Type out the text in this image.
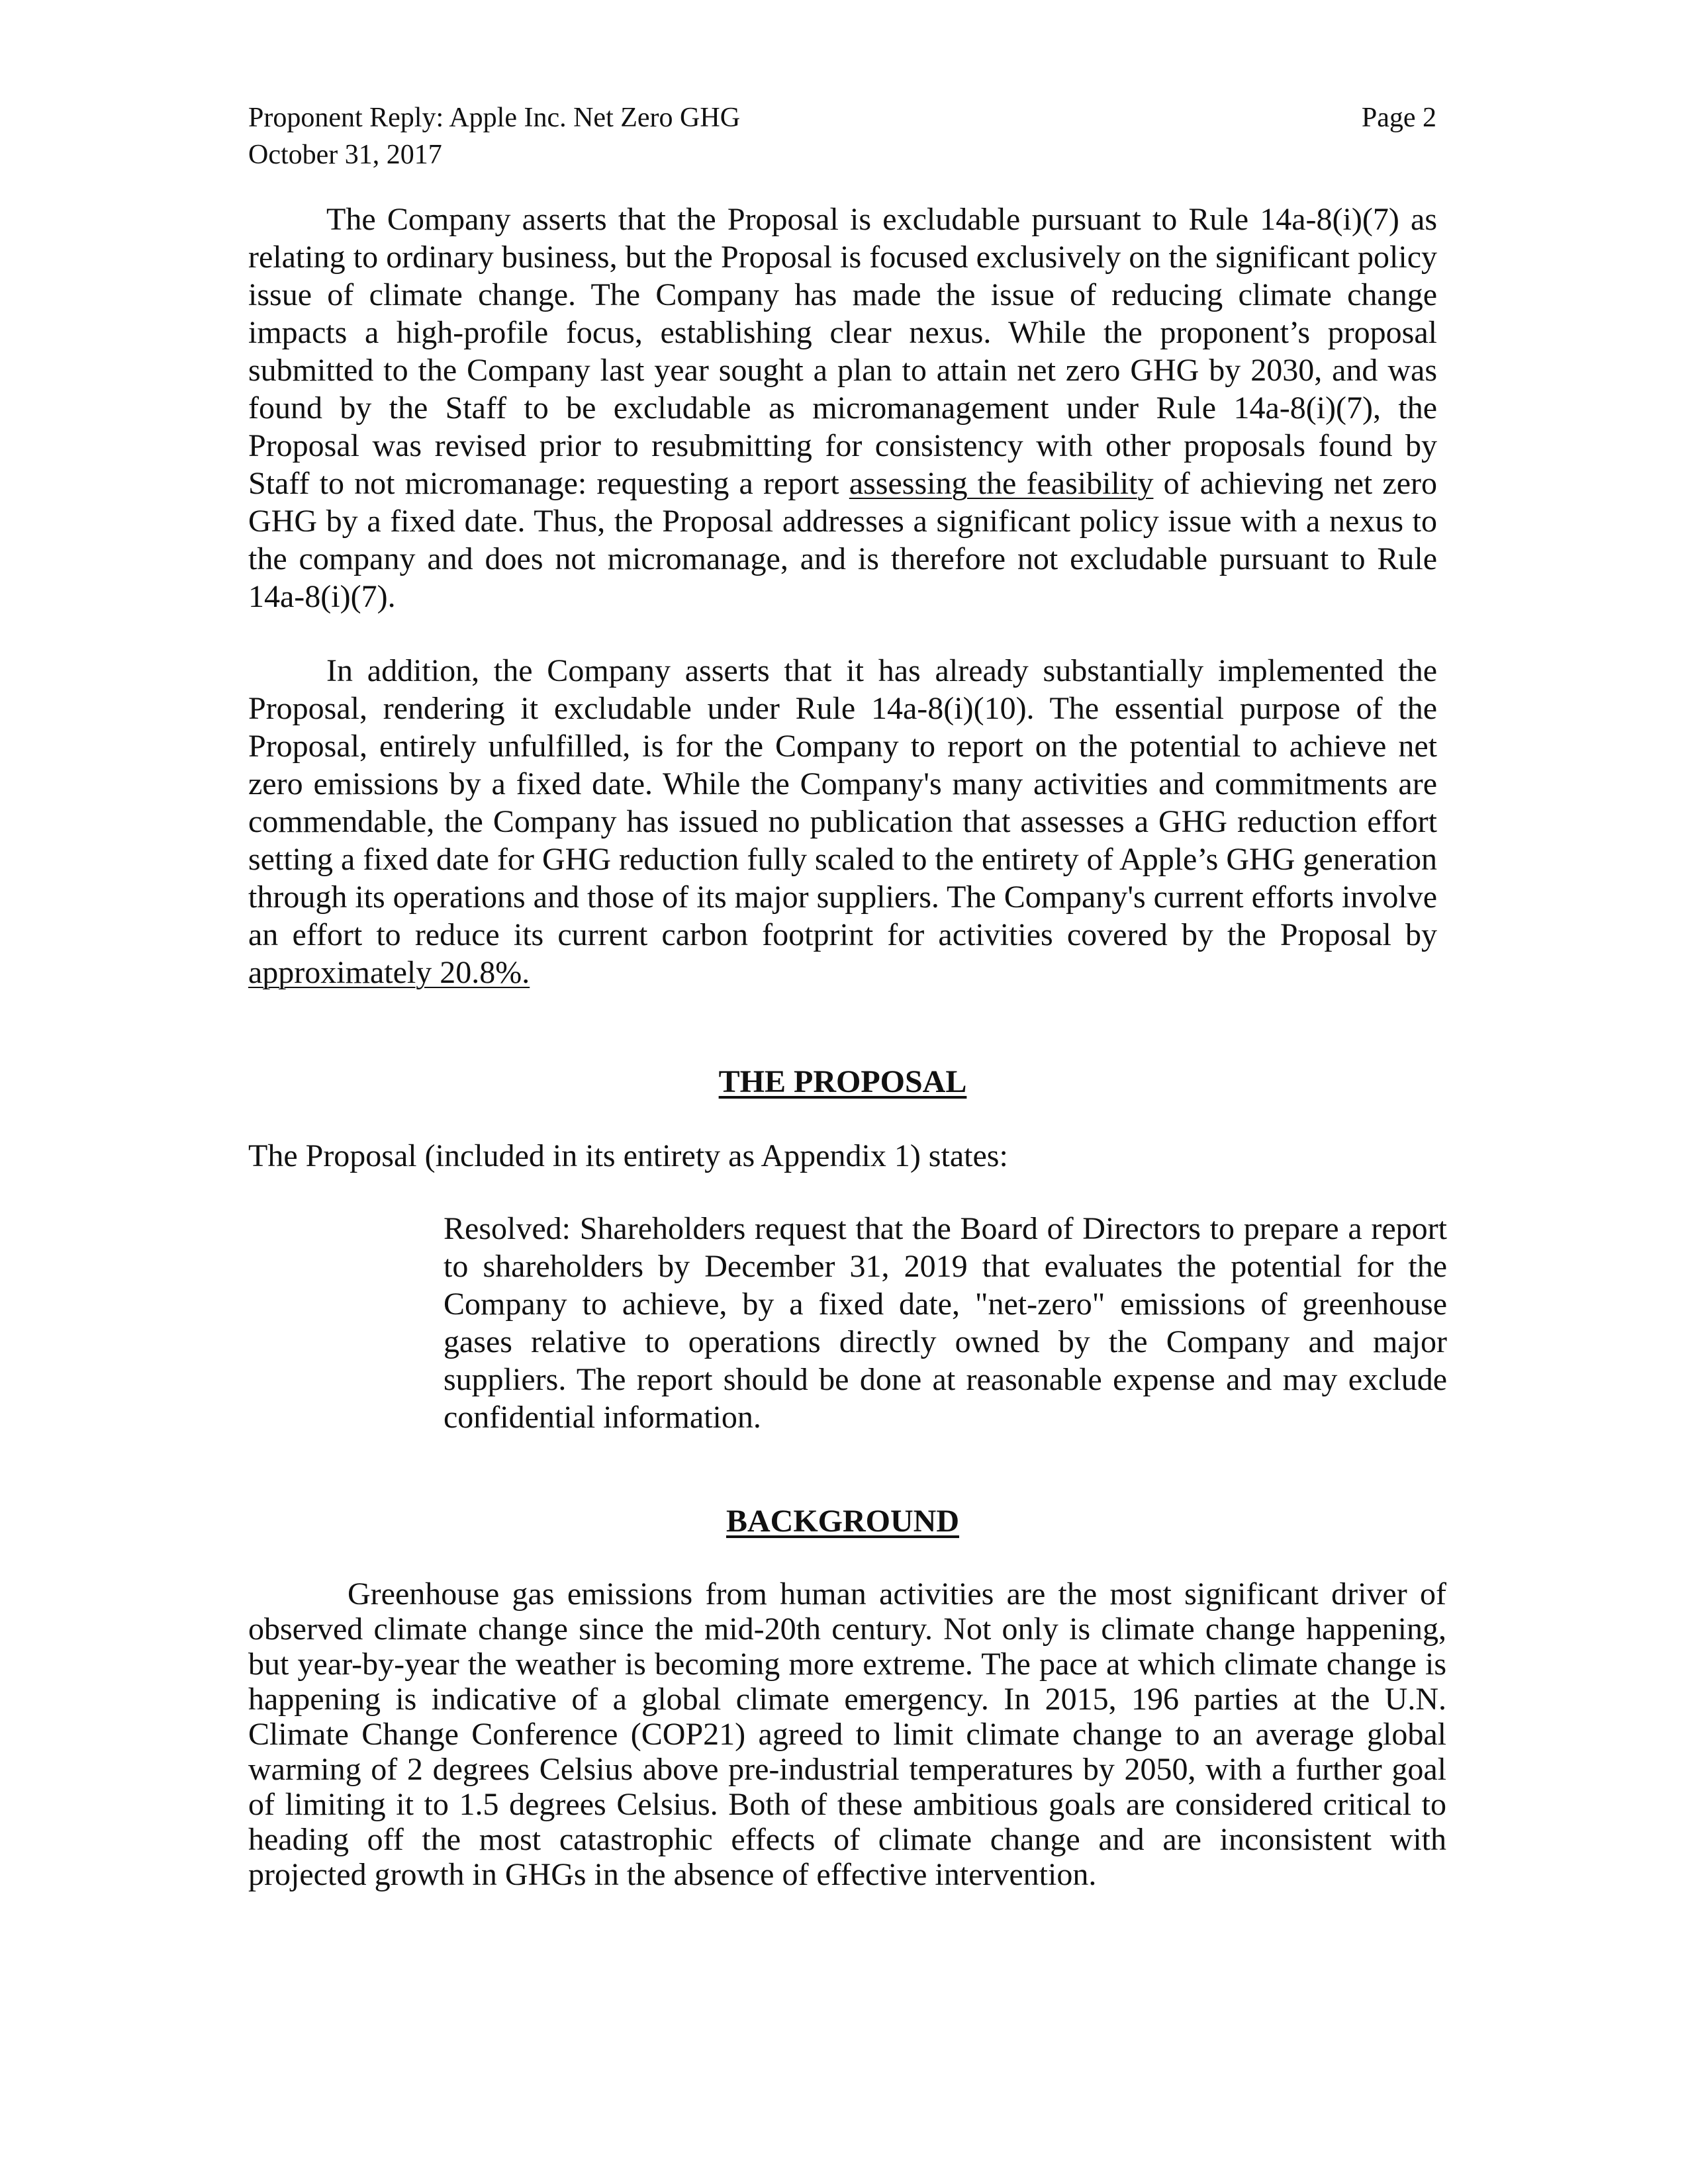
Proponent Reply: Apple Inc. Net Zero GHG
October 31, 2017
Page 2

The Company asserts that the Proposal is excludable pursuant to Rule 14a-8(i)(7) as relating to ordinary business, but the Proposal is focused exclusively on the significant policy issue of climate change. The Company has made the issue of reducing climate change impacts a high-profile focus, establishing clear nexus. While the proponent’s proposal submitted to the Company last year sought a plan to attain net zero GHG by 2030, and was found by the Staff to be excludable as micromanagement under Rule 14a-8(i)(7), the Proposal was revised prior to resubmitting for consistency with other proposals found by Staff to not micromanage: requesting a report assessing the feasibility of achieving net zero GHG by a fixed date. Thus, the Proposal addresses a significant policy issue with a nexus to the company and does not micromanage, and is therefore not excludable pursuant to Rule 14a-8(i)(7).

In addition, the Company asserts that it has already substantially implemented the Proposal, rendering it excludable under Rule 14a-8(i)(10). The essential purpose of the Proposal, entirely unfulfilled, is for the Company to report on the potential to achieve net zero emissions by a fixed date. While the Company's many activities and commitments are commendable, the Company has issued no publication that assesses a GHG reduction effort setting a fixed date for GHG reduction fully scaled to the entirety of Apple’s GHG generation through its operations and those of its major suppliers. The Company's current efforts involve an effort to reduce its current carbon footprint for activities covered by the Proposal by approximately 20.8%.

THE PROPOSAL

The Proposal (included in its entirety as Appendix 1) states:

Resolved: Shareholders request that the Board of Directors to prepare a report to shareholders by December 31, 2019 that evaluates the potential for the Company to achieve, by a fixed date, "net-zero" emissions of greenhouse gases relative to operations directly owned by the Company and major suppliers. The report should be done at reasonable expense and may exclude confidential information.

BACKGROUND

Greenhouse gas emissions from human activities are the most significant driver of observed climate change since the mid-20th century. Not only is climate change happening, but year-by-year the weather is becoming more extreme. The pace at which climate change is happening is indicative of a global climate emergency. In 2015, 196 parties at the U.N. Climate Change Conference (COP21) agreed to limit climate change to an average global warming of 2 degrees Celsius above pre-industrial temperatures by 2050, with a further goal of limiting it to 1.5 degrees Celsius. Both of these ambitious goals are considered critical to heading off the most catastrophic effects of climate change and are inconsistent with projected growth in GHGs in the absence of effective intervention.
